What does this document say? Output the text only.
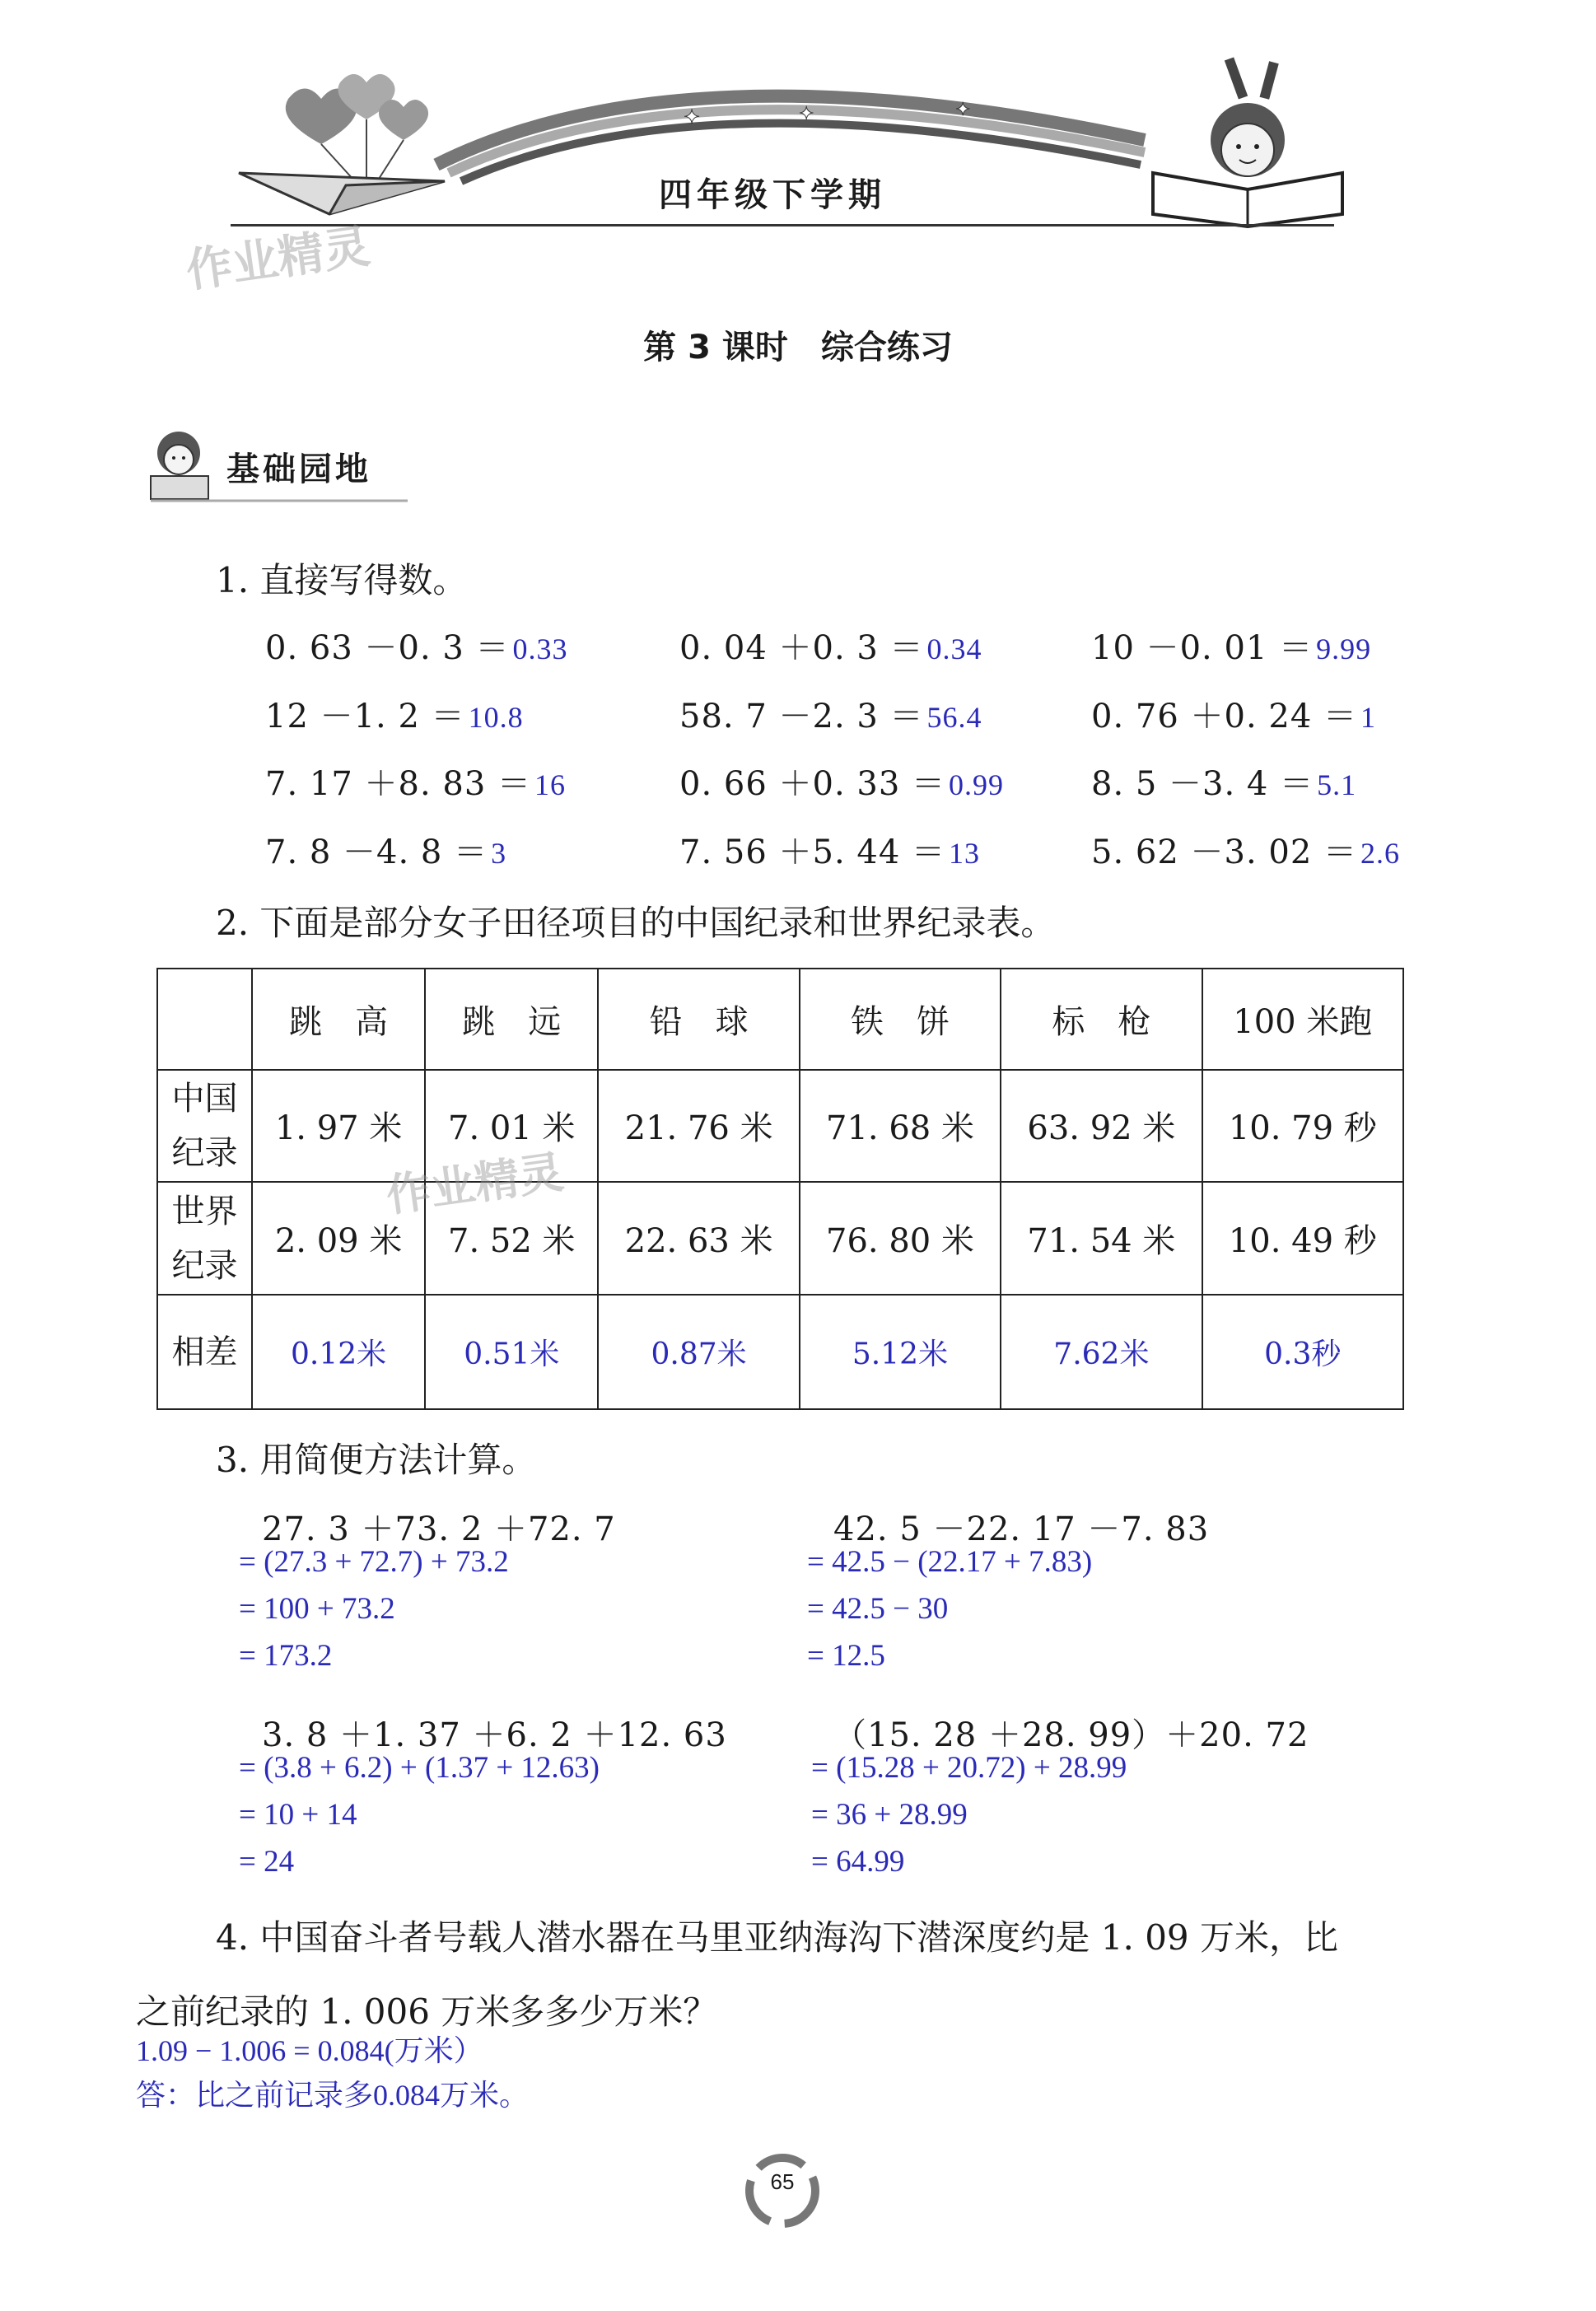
✦	✦	✦
四年级下学期
作业精灵
第 3 课时　综合练习
基础园地
1. 直接写得数。
0. 63 －0. 3 ＝ 0.33	0. 04 ＋0. 3 ＝ 0.34	10 －0. 01 ＝ 9.99
12 －1. 2 ＝ 10.8	58. 7 －2. 3 ＝ 56.4	0. 76 ＋0. 24 ＝ 1
7. 17 ＋8. 83 ＝ 16	0. 66 ＋0. 33 ＝ 0.99	8. 5 －3. 4 ＝ 5.1
7. 8 －4. 8 ＝ 3	7. 56 ＋5. 44 ＝ 13	5. 62 －3. 02 ＝ 2.6
2. 下面是部分女子田径项目的中国纪录和世界纪录表。
	跳　高	跳　远	铅　球	铁　饼	标　枪	100 米跑
中国
纪录	1. 97 米	7. 01 米	21. 76 米	71. 68 米	63. 92 米	10. 79 秒
世界
纪录	2. 09 米	7. 52 米	22. 63 米	76. 80 米	71. 54 米	10. 49 秒
相差	0.12米	0.51米	0.87米	5.12米	7.62米	0.3秒
作业精灵
3. 用简便方法计算。
27. 3 ＋73. 2 ＋72. 7
= (27.3 + 72.7) + 73.2
= 100 + 73.2
= 173.2
42. 5 －22. 17 －7. 83
= 42.5 − (22.17 + 7.83)
= 42.5 − 30
= 12.5
3. 8 ＋1. 37 ＋6. 2 ＋12. 63
= (3.8 + 6.2) + (1.37 + 12.63)
= 10 + 14
= 24
（15. 28 ＋28. 99）＋20. 72
= (15.28 + 20.72) + 28.99
= 36 + 28.99
= 64.99
4. 中国奋斗者号载人潜水器在马里亚纳海沟下潜深度约是 1. 09 万米，比
之前纪录的 1. 006 万米多多少万米？
1.09 − 1.006 = 0.084(万米）
答：比之前记录多0.084万米。
65
